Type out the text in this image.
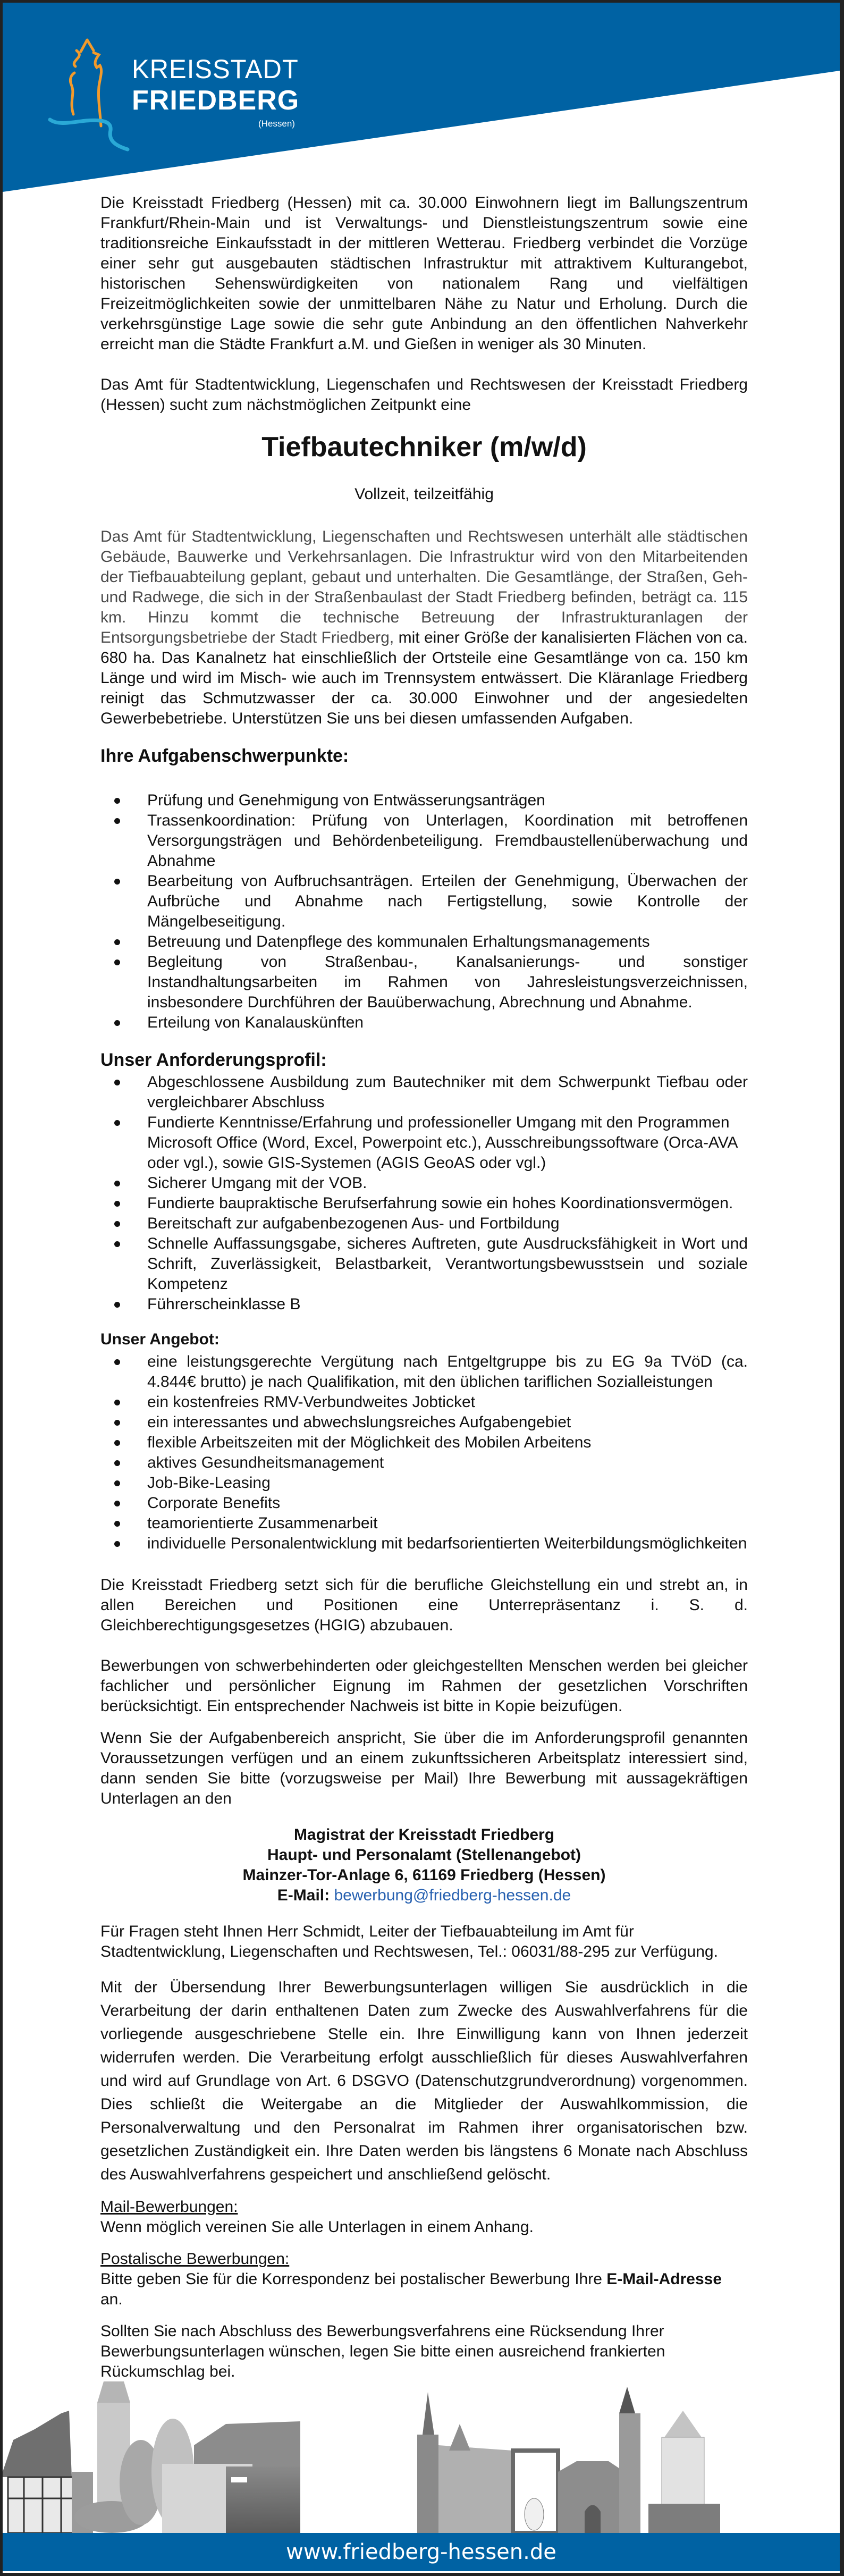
KREISSTADT
FRIEDBERG
(Hessen)

Die Kreisstadt Friedberg (Hessen) mit ca. 30.000 Einwohnern liegt im Ballungszentrum Frankfurt/Rhein-Main und ist Verwaltungs- und Dienstleistungszentrum sowie eine traditionsreiche Einkaufsstadt in der mittleren Wetterau. Friedberg verbindet die Vorzüge einer sehr gut ausgebauten städtischen Infrastruktur mit attraktivem Kulturangebot, historischen Sehenswürdigkeiten von nationalem Rang und vielfältigen Freizeitmöglichkeiten sowie der unmittelbaren Nähe zu Natur und Erholung. Durch die verkehrsgünstige Lage sowie die sehr gute Anbindung an den öffentlichen Nahverkehr erreicht man die Städte Frankfurt a.M. und Gießen in weniger als 30 Minuten.

Das Amt für Stadtentwicklung, Liegenschafen und Rechtswesen der Kreisstadt Friedberg (Hessen) sucht zum nächstmöglichen Zeitpunkt eine

Tiefbautechniker (m/w/d)
Vollzeit, teilzeitfähig

Das Amt für Stadtentwicklung, Liegenschaften und Rechtswesen unterhält alle städtischen Gebäude, Bauwerke und Verkehrsanlagen. Die Infrastruktur wird von den Mitarbeitenden der Tiefbauabteilung geplant, gebaut und unterhalten. Die Gesamtlänge, der Straßen, Geh- und Radwege, die sich in der Straßenbaulast der Stadt Friedberg befinden, beträgt ca. 115 km. Hinzu kommt die technische Betreuung der Infrastrukturanlagen der Entsorgungsbetriebe der Stadt Friedberg, mit einer Größe der kanalisierten Flächen von ca. 680 ha. Das Kanalnetz hat einschließlich der Ortsteile eine Gesamtlänge von ca. 150 km Länge und wird im Misch- wie auch im Trennsystem entwässert. Die Kläranlage Friedberg reinigt das Schmutzwasser der ca. 30.000 Einwohner und der angesiedelten Gewerbebetriebe. Unterstützen Sie uns bei diesen umfassenden Aufgaben.

Ihre Aufgabenschwerpunkte:
Prüfung und Genehmigung von Entwässerungsanträgen
Trassenkoordination: Prüfung von Unterlagen, Koordination mit betroffenen Versorgungsträgen und Behördenbeteiligung. Fremdbaustellenüberwachung und Abnahme
Bearbeitung von Aufbruchsanträgen. Erteilen der Genehmigung, Überwachen der Aufbrüche und Abnahme nach Fertigstellung, sowie Kontrolle der Mängelbeseitigung.
Betreuung und Datenpflege des kommunalen Erhaltungsmanagements
Begleitung von Straßenbau-, Kanalsanierungs- und sonstiger Instandhaltungsarbeiten im Rahmen von Jahresleistungsverzeichnissen, insbesondere Durchführen der Bauüberwachung, Abrechnung und Abnahme.
Erteilung von Kanalauskünften
Unser Anforderungsprofil:
Abgeschlossene Ausbildung zum Bautechniker mit dem Schwerpunkt Tiefbau oder vergleichbarer Abschluss
Fundierte Kenntnisse/Erfahrung und professioneller Umgang mit den Programmen Microsoft Office (Word, Excel, Powerpoint etc.), Ausschreibungssoftware (Orca-AVA oder vgl.), sowie GIS-Systemen (AGIS GeoAS oder vgl.)
Sicherer Umgang mit der VOB.
Fundierte baupraktische Berufserfahrung sowie ein hohes Koordinationsvermögen.
Bereitschaft zur aufgabenbezogenen Aus- und Fortbildung
Schnelle Auffassungsgabe, sicheres Auftreten, gute Ausdrucksfähigkeit in Wort und Schrift, Zuverlässigkeit, Belastbarkeit, Verantwortungsbewusstsein und soziale Kompetenz
Führerscheinklasse B
Unser Angebot:
eine leistungsgerechte Vergütung nach Entgeltgruppe bis zu EG 9a TVöD (ca. 4.844€ brutto) je nach Qualifikation, mit den üblichen tariflichen Sozialleistungen
ein kostenfreies RMV-Verbundweites Jobticket
ein interessantes und abwechslungsreiches Aufgabengebiet
flexible Arbeitszeiten mit der Möglichkeit des Mobilen Arbeitens
aktives Gesundheitsmanagement
Job-Bike-Leasing
Corporate Benefits
teamorientierte Zusammenarbeit
individuelle Personalentwicklung mit bedarfsorientierten Weiterbildungsmöglichkeiten

Die Kreisstadt Friedberg setzt sich für die berufliche Gleichstellung ein und strebt an, in allen Bereichen und Positionen eine Unterrepräsentanz i. S. d. Gleichberechtigungsgesetzes (HGIG) abzubauen.

Bewerbungen von schwerbehinderten oder gleichgestellten Menschen werden bei gleicher fachlicher und persönlicher Eignung im Rahmen der gesetzlichen Vorschriften berücksichtigt. Ein entsprechender Nachweis ist bitte in Kopie beizufügen.

Wenn Sie der Aufgabenbereich anspricht, Sie über die im Anforderungsprofil genannten Voraussetzungen verfügen und an einem zukunftssicheren Arbeitsplatz interessiert sind, dann senden Sie bitte (vorzugsweise per Mail) Ihre Bewerbung mit aussagekräftigen Unterlagen an den

Magistrat der Kreisstadt Friedberg
Haupt- und Personalamt (Stellenangebot)
Mainzer-Tor-Anlage 6, 61169 Friedberg (Hessen)
E-Mail: bewerbung@friedberg-hessen.de

Für Fragen steht Ihnen Herr Schmidt, Leiter der Tiefbauabteilung im Amt für Stadtentwicklung, Liegenschaften und Rechtswesen, Tel.: 06031/88-295 zur Verfügung.

Mit der Übersendung Ihrer Bewerbungsunterlagen willigen Sie ausdrücklich in die Verarbeitung der darin enthaltenen Daten zum Zwecke des Auswahlverfahrens für die vorliegende ausgeschriebene Stelle ein. Ihre Einwilligung kann von Ihnen jederzeit widerrufen werden. Die Verarbeitung erfolgt ausschließlich für dieses Auswahlverfahren und wird auf Grundlage von Art. 6 DSGVO (Datenschutzgrundverordnung) vorgenommen. Dies schließt die Weitergabe an die Mitglieder der Auswahlkommission, die Personalverwaltung und den Personalrat im Rahmen ihrer organisatorischen bzw. gesetzlichen Zuständigkeit ein. Ihre Daten werden bis längstens 6 Monate nach Abschluss des Auswahlverfahrens gespeichert und anschließend gelöscht.

Mail-Bewerbungen:
Wenn möglich vereinen Sie alle Unterlagen in einem Anhang.

Postalische Bewerbungen:
Bitte geben Sie für die Korrespondenz bei postalischer Bewerbung Ihre E-Mail-Adresse an.

Sollten Sie nach Abschluss des Bewerbungsverfahrens eine Rücksendung Ihrer Bewerbungsunterlagen wünschen, legen Sie bitte einen ausreichend frankierten Rückumschlag bei.

www.friedberg-hessen.de
